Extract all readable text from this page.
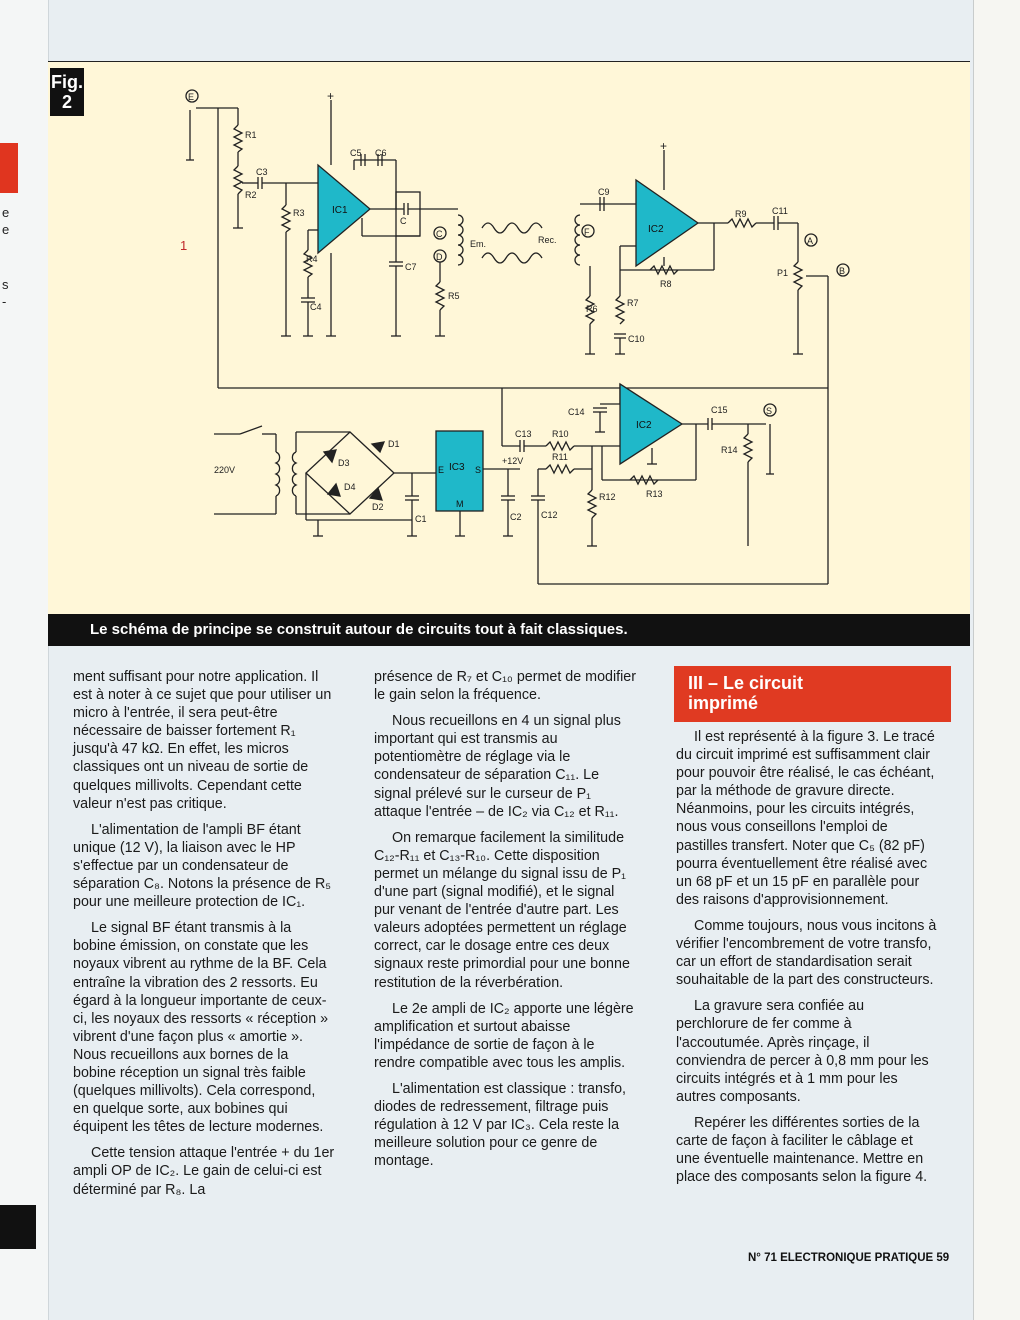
e
e
s
-
E
R1
R2
C3
R3	IC1
+
R4
C4
C5 C6
C
C7
Em.	Rec.
C
D
R5
F
C9
IC2
+
R6
R7
C10
R8
R9	C11
A
P1	B
220V
D1
D3
D4
D2
C1
IC3
E	S
M
+12V
C2
C13 R10
R11
C12
R12
C14
IC2
R13
C15
R14
S
1
Fig.
2
Le schéma de principe se construit autour de circuits tout à fait classiques.

ment suffisant pour notre application. Il est à noter à ce sujet que pour utiliser un micro à l'entrée, il sera peut-être nécessaire de baisser fortement R₁ jusqu'à 47 kΩ. En effet, les micros classiques ont un niveau de sortie de quelques millivolts. Cependant cette valeur n'est pas critique.

L'alimentation de l'ampli BF étant unique (12 V), la liaison avec le HP s'effectue par un condensateur de séparation C₈. Notons la présence de R₅ pour une meilleure protection de IC₁.

Le signal BF étant transmis à la bobine émission, on constate que les noyaux vibrent au rythme de la BF. Cela entraîne la vibration des 2 ressorts. Eu égard à la longueur importante de ceux-ci, les noyaux des ressorts « réception » vibrent d'une façon plus « amortie ». Nous recueillons aux bornes de la bobine réception un signal très faible (quelques millivolts). Cela correspond, en quelque sorte, aux bobines qui équipent les têtes de lecture modernes.

Cette tension attaque l'entrée + du 1er ampli OP de IC₂. Le gain de celui-ci est déterminé par R₈. La

présence de R₇ et C₁₀ permet de modifier le gain selon la fréquence.

Nous recueillons en 4 un signal plus important qui est transmis au potentiomètre de réglage via le condensateur de séparation C₁₁. Le signal prélevé sur le curseur de P₁ attaque l'entrée – de IC₂ via C₁₂ et R₁₁.

On remarque facilement la similitude C₁₂-R₁₁ et C₁₃-R₁₀. Cette disposition permet un mélange du signal issu de P₁ d'une part (signal modifié), et le signal pur venant de l'entrée d'autre part. Les valeurs adoptées permettent un réglage correct, car le dosage entre ces deux signaux reste primordial pour une bonne restitution de la réverbération.

Le 2e ampli de IC₂ apporte une légère amplification et surtout abaisse l'impédance de sortie de façon à le rendre compatible avec tous les amplis.

L'alimentation est classique : transfo, diodes de redressement, filtrage puis régulation à 12 V par IC₃. Cela reste la meilleure solution pour ce genre de montage.

III – Le circuit
imprimé

Il est représenté à la figure 3. Le tracé du circuit imprimé est suffisamment clair pour pouvoir être réalisé, le cas échéant, par la méthode de gravure directe. Néanmoins, pour les circuits intégrés, nous vous conseillons l'emploi de pastilles transfert. Noter que C₅ (82 pF) pourra éventuellement être réalisé avec un 68 pF et un 15 pF en parallèle pour des raisons d'approvisionnement.

Comme toujours, nous vous incitons à vérifier l'encombrement de votre transfo, car un effort de standardisation serait souhaitable de la part des constructeurs.

La gravure sera confiée au perchlorure de fer comme à l'accoutumée. Après rinçage, il conviendra de percer à 0,8 mm pour les circuits intégrés et à 1 mm pour les autres composants.

Repérer les différentes sorties de la carte de façon à faciliter le câblage et une éventuelle maintenance. Mettre en place des composants selon la figure 4.

N° 71 ELECTRONIQUE PRATIQUE 59
